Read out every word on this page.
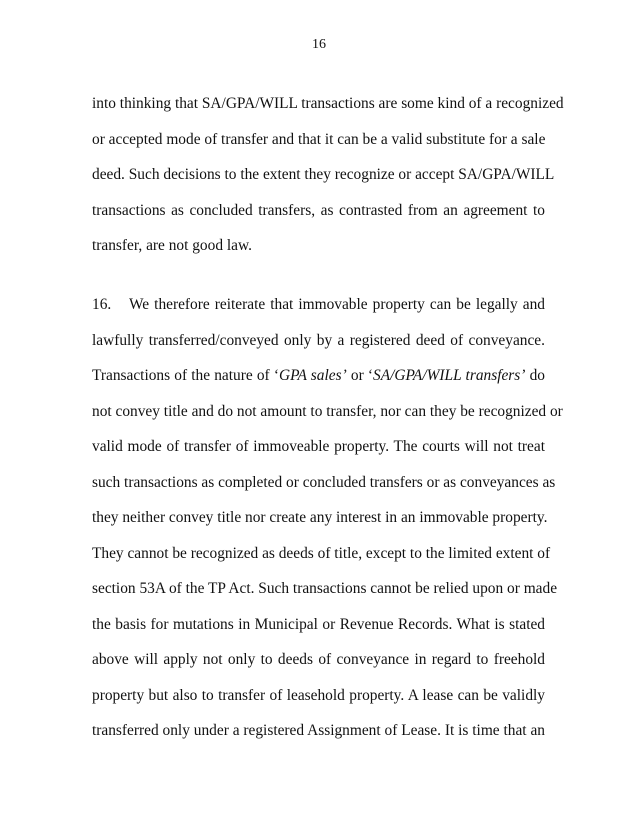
16
into thinking that SA/GPA/WILL transactions are some kind of a recognized
or accepted mode of transfer and that it can be a valid substitute for a sale
deed. Such decisions to the extent they recognize or accept SA/GPA/WILL
transactions as concluded transfers, as contrasted from an agreement to
transfer, are not good law.
16. We therefore reiterate that immovable property can be legally and
lawfully transferred/conveyed only by a registered deed of conveyance.
Transactions of the nature of ‘GPA sales’ or ‘SA/GPA/WILL transfers’ do
not convey title and do not amount to transfer, nor can they be recognized or
valid mode of transfer of immoveable property. The courts will not treat
such transactions as completed or concluded transfers or as conveyances as
they neither convey title nor create any interest in an immovable property.
They cannot be recognized as deeds of title, except to the limited extent of
section 53A of the TP Act. Such transactions cannot be relied upon or made
the basis for mutations in Municipal or Revenue Records. What is stated
above will apply not only to deeds of conveyance in regard to freehold
property but also to transfer of leasehold property. A lease can be validly
transferred only under a registered Assignment of Lease. It is time that an
